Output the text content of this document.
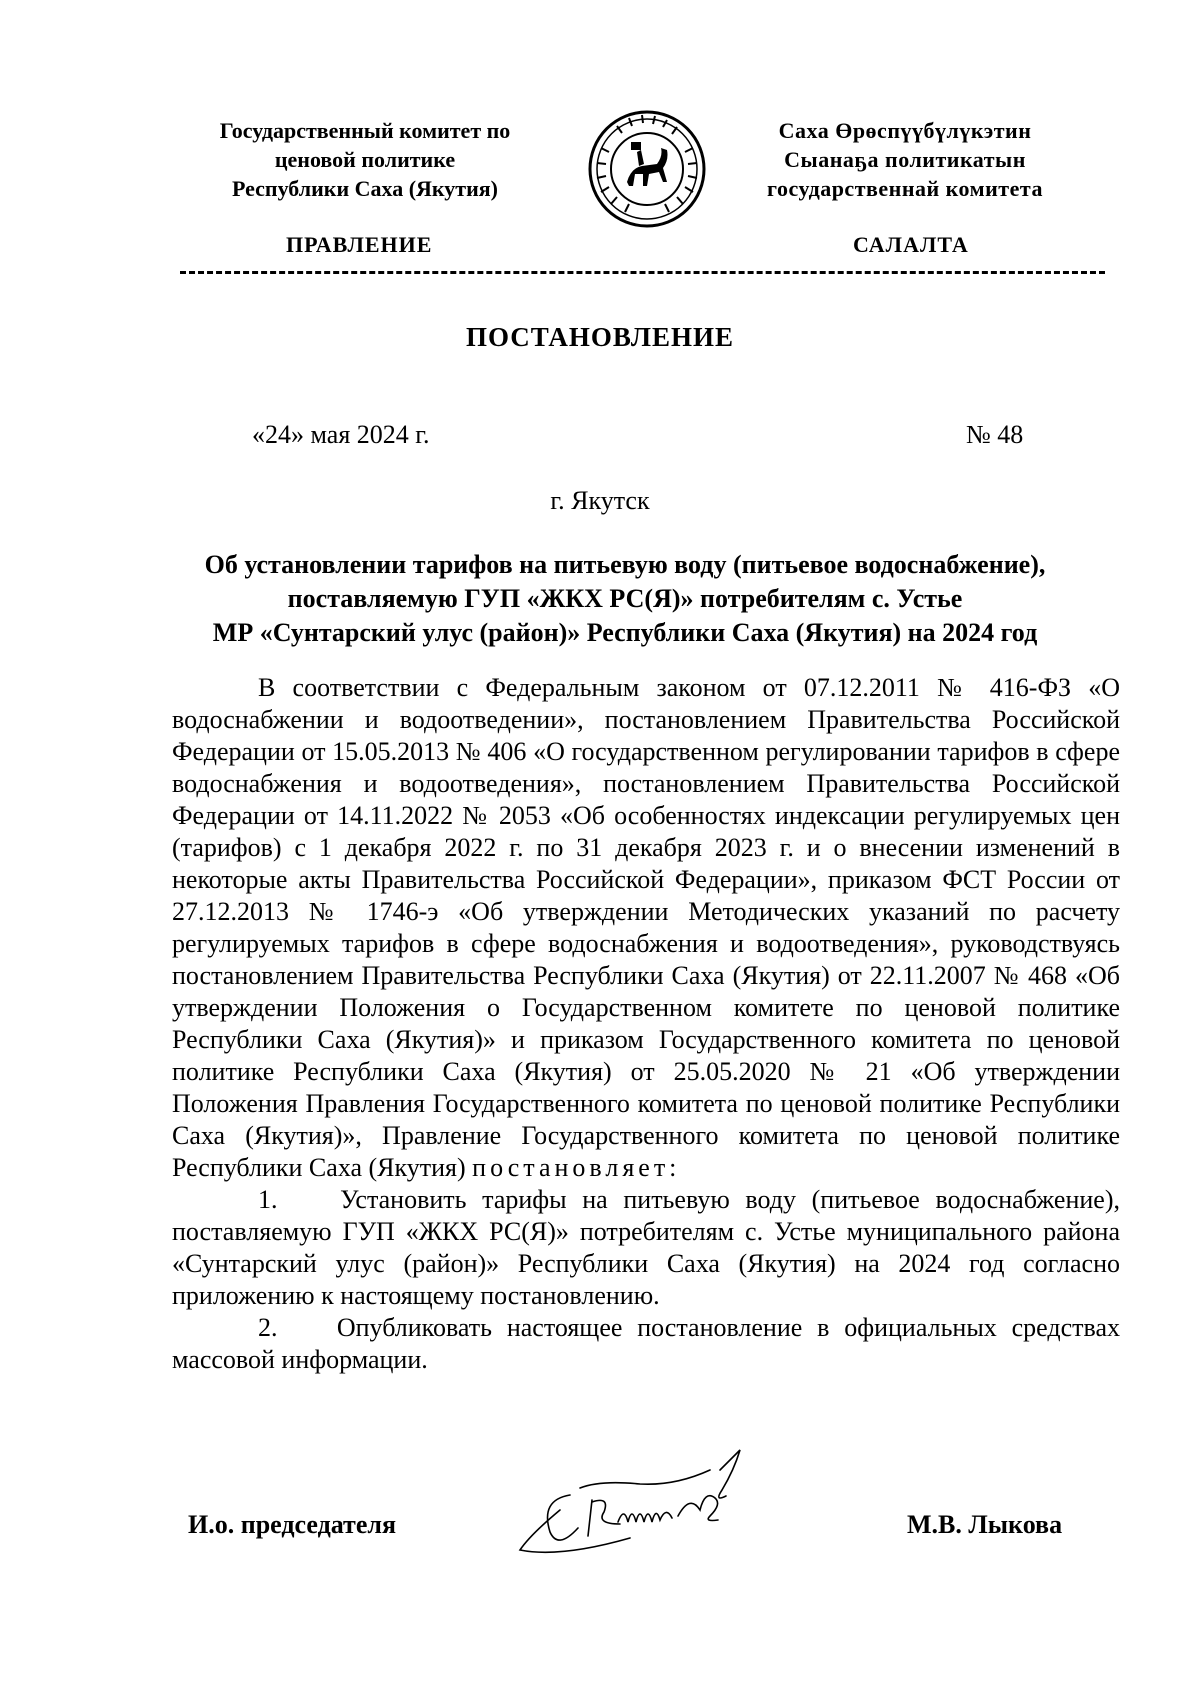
Государственный комитет по
ценовой политике
Республики Саха (Якутия)
Саха Өрөспүүбүлүкэтин
Сыанаҕа политикатын
государственнай комитета
ПРАВЛЕНИЕ	САЛАЛТА
ПОСТАНОВЛЕНИЕ
«24» мая 2024 г.	№ 48
г. Якутск
Об установлении тарифов на питьевую воду (питьевое водоснабжение),
поставляемую ГУП «ЖКХ РС(Я)» потребителям с. Устье
МР «Сунтарский улус (район)» Республики Саха (Якутия) на 2024 год

В соответствии с Федеральным законом от 07.12.2011 № 416-ФЗ «О водоснабжении и водоотведении», постановлением Правительства Российской Федерации от 15.05.2013 № 406 «О государственном регулировании тарифов в сфере водоснабжения и водоотведения», постановлением Правительства Российской Федерации от 14.11.2022 № 2053 «Об особенностях индексации регулируемых цен (тарифов) с 1 декабря 2022 г. по 31 декабря 2023 г. и о внесении изменений в некоторые акты Правительства Российской Федерации», приказом ФСТ России от 27.12.2013 № 1746-э «Об утверждении Методических указаний по расчету регулируемых тарифов в сфере водоснабжения и водоотведения», руководствуясь постановлением Правительства Республики Саха (Якутия) от 22.11.2007 № 468 «Об утверждении Положения о Государственном комитете по ценовой политике Республики Саха (Якутия)» и приказом Государственного комитета по ценовой политике Республики Саха (Якутия) от 25.05.2020 № 21 «Об утверждении Положения Правления Государственного комитета по ценовой политике Республики Саха (Якутия)», Правление Государственного комитета по ценовой политике Республики Саха (Якутия) постановляет:

1. Установить тарифы на питьевую воду (питьевое водоснабжение), поставляемую ГУП «ЖКХ РС(Я)» потребителям с. Устье муниципального района «Сунтарский улус (район)» Республики Саха (Якутия) на 2024 год согласно приложению к настоящему постановлению.

2. Опубликовать настоящее постановление в официальных средствах массовой информации.

И.о. председателя	М.В. Лыкова
